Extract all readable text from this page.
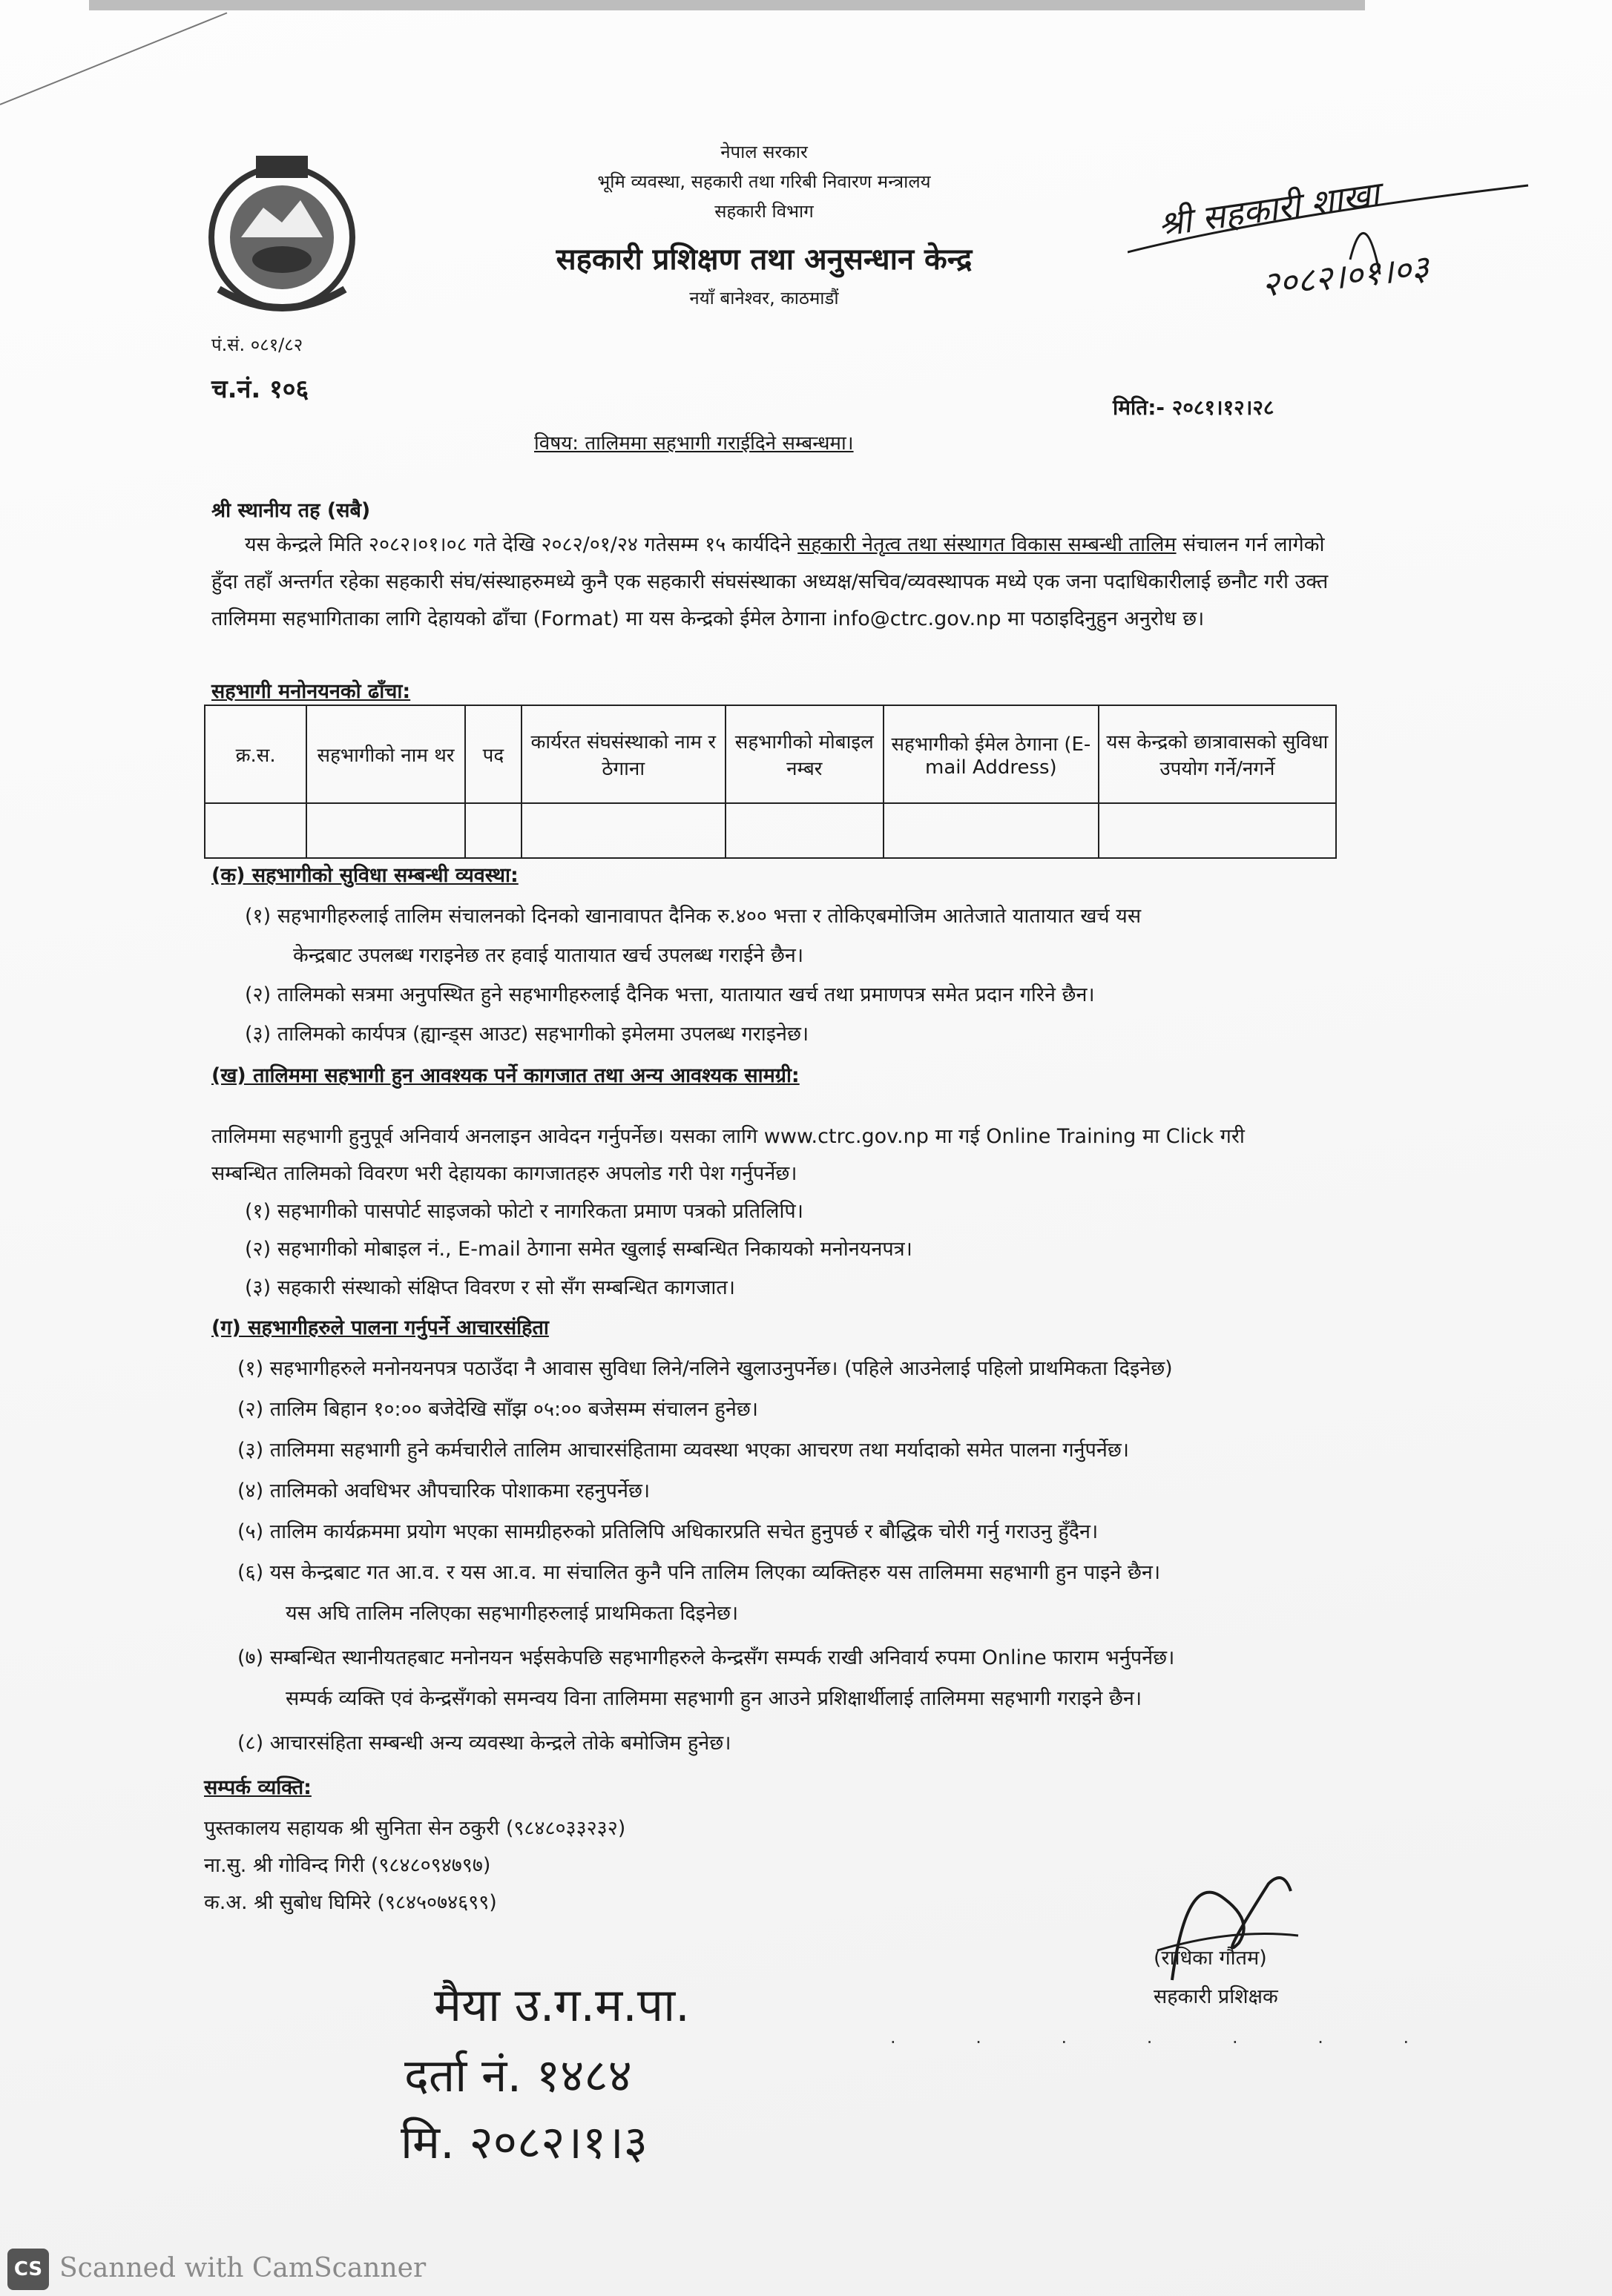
नेपाल सरकार
भूमि व्यवस्था, सहकारी तथा गरिबी निवारण मन्त्रालय
सहकारी विभाग
सहकारी प्रशिक्षण तथा अनुसन्धान केन्द्र
नयाँ बानेश्वर, काठमाडौं
पं.सं. ०८१/८२
च.नं. १०६
मिति:- २०८१।१२।२८
श्री सहकारी शाखा
२०८२।०१।०३
विषय: तालिममा सहभागी गराईदिने सम्बन्धमा।
श्री स्थानीय तह (सबै)
यस केन्द्रले मिति २०८२।०१।०८ गते देखि २०८२/०१/२४ गतेसम्म १५ कार्यदिने सहकारी नेतृत्व तथा संस्थागत विकास सम्बन्धी तालिम संचालन गर्न लागेको हुँदा तहाँ अन्तर्गत रहेका सहकारी संघ/संस्थाहरुमध्ये कुनै एक सहकारी संघसंस्थाका अध्यक्ष/सचिव/व्यवस्थापक मध्ये एक जना पदाधिकारीलाई छनौट गरी उक्त तालिममा सहभागिताका लागि देहायको ढाँचा (Format) मा यस केन्द्रको ईमेल ठेगाना info@ctrc.gov.np मा पठाइदिनुहुन अनुरोध छ।
सहभागी मनोनयनको ढाँचा:
क्र.स.	सहभागीको नाम थर	पद	कार्यरत संघसंस्थाको नाम र ठेगाना	सहभागीको मोबाइल नम्बर	सहभागीको ईमेल ठेगाना (E-mail Address)	यस केन्द्रको छात्रावासको सुविधा उपयोग गर्ने/नगर्ने

(क) सहभागीको सुविधा सम्बन्धी व्यवस्था:
(१) सहभागीहरुलाई तालिम संचालनको दिनको खानावापत दैनिक रु.४०० भत्ता र तोकिएबमोजिम आतेजाते यातायात खर्च यस
केन्द्रबाट उपलब्ध गराइनेछ तर हवाई यातायात खर्च उपलब्ध गराईने छैन।
(२) तालिमको सत्रमा अनुपस्थित हुने सहभागीहरुलाई दैनिक भत्ता, यातायात खर्च तथा प्रमाणपत्र समेत प्रदान गरिने छैन।
(३) तालिमको कार्यपत्र (ह्यान्ड्स आउट) सहभागीको इमेलमा उपलब्ध गराइनेछ।
(ख) तालिममा सहभागी हुन आवश्यक पर्ने कागजात तथा अन्य आवश्यक सामग्री:
तालिममा सहभागी हुनुपूर्व अनिवार्य अनलाइन आवेदन गर्नुपर्नेछ। यसका लागि www.ctrc.gov.np मा गई Online Training मा Click गरी
सम्बन्धित तालिमको विवरण भरी देहायका कागजातहरु अपलोड गरी पेश गर्नुपर्नेछ।
(१) सहभागीको पासपोर्ट साइजको फोटो र नागरिकता प्रमाण पत्रको प्रतिलिपि।
(२) सहभागीको मोबाइल नं., E-mail ठेगाना समेत खुलाई सम्बन्धित निकायको मनोनयनपत्र।
(३) सहकारी संस्थाको संक्षिप्त विवरण र सो सँग सम्बन्धित कागजात।
(ग) सहभागीहरुले पालना गर्नुपर्ने आचारसंहिता
(१) सहभागीहरुले मनोनयनपत्र पठाउँदा नै आवास सुविधा लिने/नलिने खुलाउनुपर्नेछ। (पहिले आउनेलाई पहिलो प्राथमिकता दिइनेछ)
(२) तालिम बिहान १०:०० बजेदेखि साँझ ०५:०० बजेसम्म संचालन हुनेछ।
(३) तालिममा सहभागी हुने कर्मचारीले तालिम आचारसंहितामा व्यवस्था भएका आचरण तथा मर्यादाको समेत पालना गर्नुपर्नेछ।
(४) तालिमको अवधिभर औपचारिक पोशाकमा रहनुपर्नेछ।
(५) तालिम कार्यक्रममा प्रयोग भएका सामग्रीहरुको प्रतिलिपि अधिकारप्रति सचेत हुनुपर्छ र बौद्धिक चोरी गर्नु गराउनु हुँदैन।
(६) यस केन्द्रबाट गत आ.व. र यस आ.व. मा संचालित कुनै पनि तालिम लिएका व्यक्तिहरु यस तालिममा सहभागी हुन पाइने छैन।
यस अघि तालिम नलिएका सहभागीहरुलाई प्राथमिकता दिइनेछ।
(७) सम्बन्धित स्थानीयतहबाट मनोनयन भईसकेपछि सहभागीहरुले केन्द्रसँग सम्पर्क राखी अनिवार्य रुपमा Online फाराम भर्नुपर्नेछ।
सम्पर्क व्यक्ति एवं केन्द्रसँगको समन्वय विना तालिममा सहभागी हुन आउने प्रशिक्षार्थीलाई तालिममा सहभागी गराइने छैन।
(८) आचारसंहिता सम्बन्धी अन्य व्यवस्था केन्द्रले तोके बमोजिम हुनेछ।
सम्पर्क व्यक्ति:
पुस्तकालय सहायक श्री सुनिता सेन ठकुरी (९८४८०३३२३२)
ना.सु. श्री गोविन्द गिरी (९८४८०९४७९७)
क.अ. श्री सुबोध घिमिरे (९८४५०७४६९९)
(राधिका गौतम)
सहकारी प्रशिक्षक
मैया उ.ग.म.पा.
दर्ता नं. १४८४
मि. २०८२।१।३
· · · · · · ·
CS Scanned with CamScanner
